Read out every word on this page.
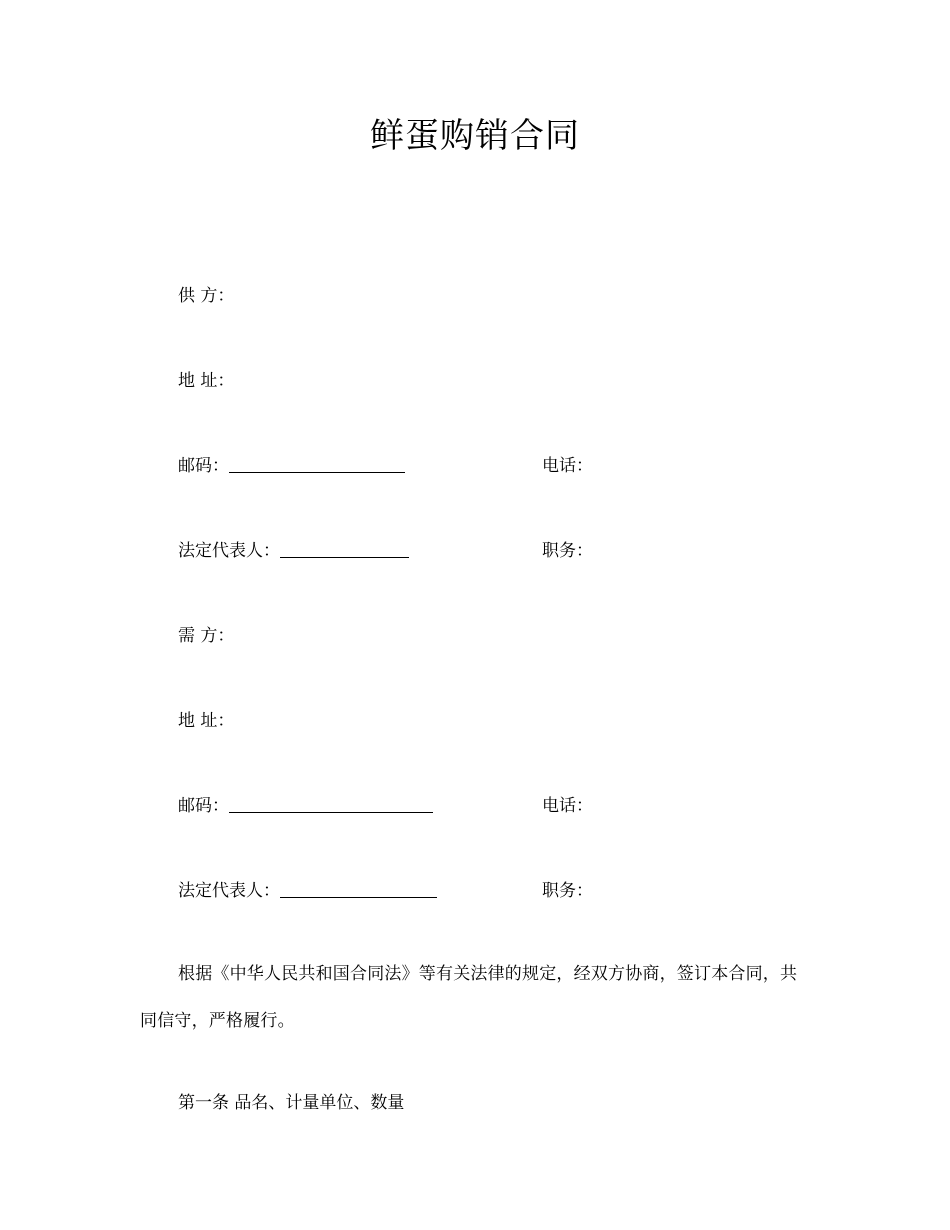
鲜蛋购销合同
供 方：
地 址：
邮码：	电话：
法定代表人：	职务：
需 方：
地 址：
邮码：	电话：
法定代表人：	职务：
根据《中华人民共和国合同法》等有关法律的规定，经双方协商，签订本合同，共
同信守，严格履行。
第一条 品名、计量单位、数量
